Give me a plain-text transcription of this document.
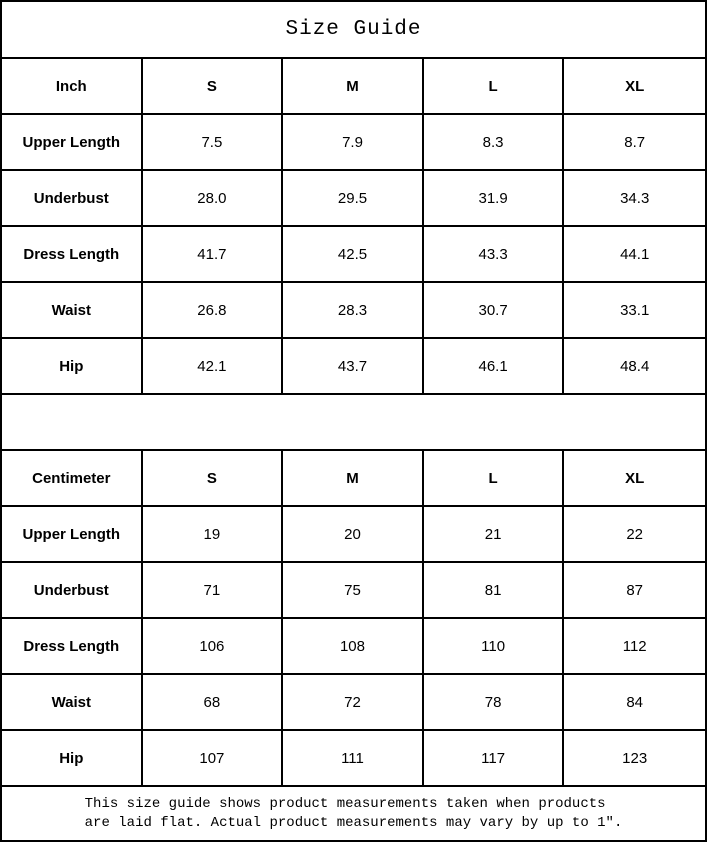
Size Guide
Inch	S	M	L	XL
Upper Length	7.5	7.9	8.3	8.7
Underbust	28.0	29.5	31.9	34.3
Dress Length	41.7	42.5	43.3	44.1
Waist	26.8	28.3	30.7	33.1
Hip	42.1	43.7	46.1	48.4
Centimeter	S	M	L	XL
Upper Length	19	20	21	22
Underbust	71	75	81	87
Dress Length	106	108	110	112
Waist	68	72	78	84
Hip	107	111	117	123
This size guide shows product measurements taken when products
are laid flat. Actual product measurements may vary by up to 1″.
